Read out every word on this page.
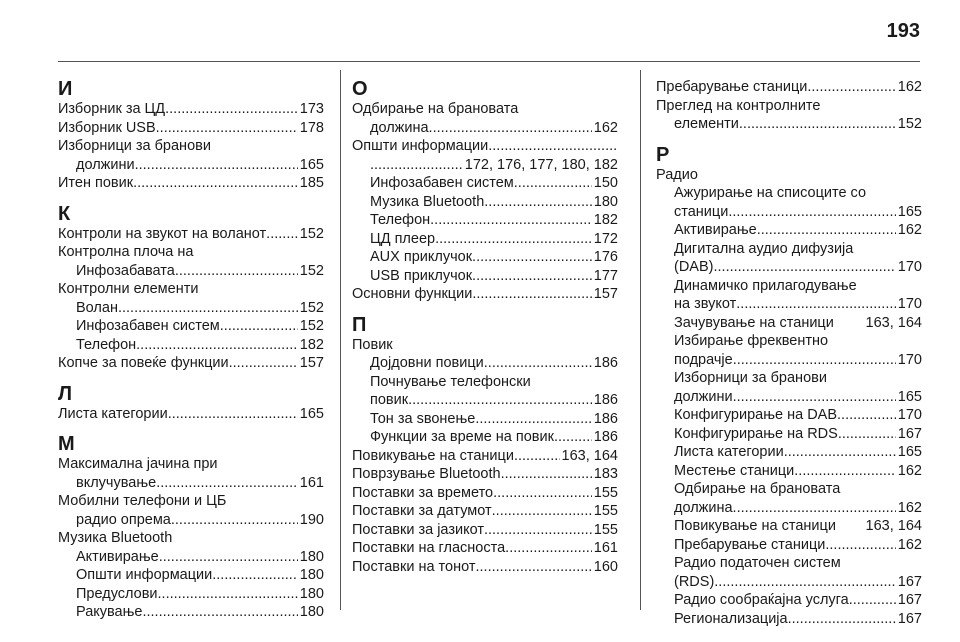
193
И
Изборник за ЦД .....	173
Изборник USB .....	178
Изборници за бранови
должини .....	165
Итен повик .....	185
К
Контроли на звукот на воланот ..... 152
Контролна плоча на
Инфозабавата .....	152
Контролни елементи
Волан .....	152
Инфозабавен систем .....	152
Телефон .....	182
Копче за повеќе функции .....	157
Л
Листа категории .....	165
М
Максимална јачина при
вклучување .....	161
Мобилни телефони и ЦБ
радио опрема .....	190
Музика Bluetooth
Активирање .....	180
Општи информации .....	180
Предуслови .....	180
Ракување .....	180
О
Одбирање на брановата
должина .....	162
Општи информации
.....
.....
172, 176, 177, 180, 182
Инфозабавен систем .....	150
Музика Bluetooth .....	180
Телефон .....	182
ЦД плеер .....	172
AUX приклучок .....	176
USB приклучок .....	177
Основни функции .....	157
П
Повик
Дојдовни повици .....	186
Почнување телефонски
повик .....	186
Тон за ѕвонење .....	186
Функции за време на повик .....	186
Повикување на станици .....	163, 164
Поврзување Bluetooth .....	183
Поставки за времето .....	155
Поставки за датумот .....	155
Поставки за јазикот .....	155
Поставки на гласноста .....	161
Поставки на тонот .....	160
Пребарување станици .....	162
Преглед на контролните
елементи .....	152
Р
Радио
Ажурирање на списоците со
станици .....	165
Активирање .....	162
Дигитална аудио дифузија
(DAB) .....	170
Динамичко прилагодување
на звукот .....	170
Зачувување на станици 163, 164
Избирање фреквентно
подрачје .....	170
Изборници за бранови
должини .....	165
Конфигурирање на DAB .....	170
Конфигурирање на RDS .....	167
Листа категории .....	165
Местење станици .....	162
Одбирање на брановата
должина .....	162
Повикување на станици 163, 164
Пребарување станици .....	162
Радио податочен систем
(RDS) .....	167
Радио сообраќајна услуга .....	167
Регионализација .....	167
